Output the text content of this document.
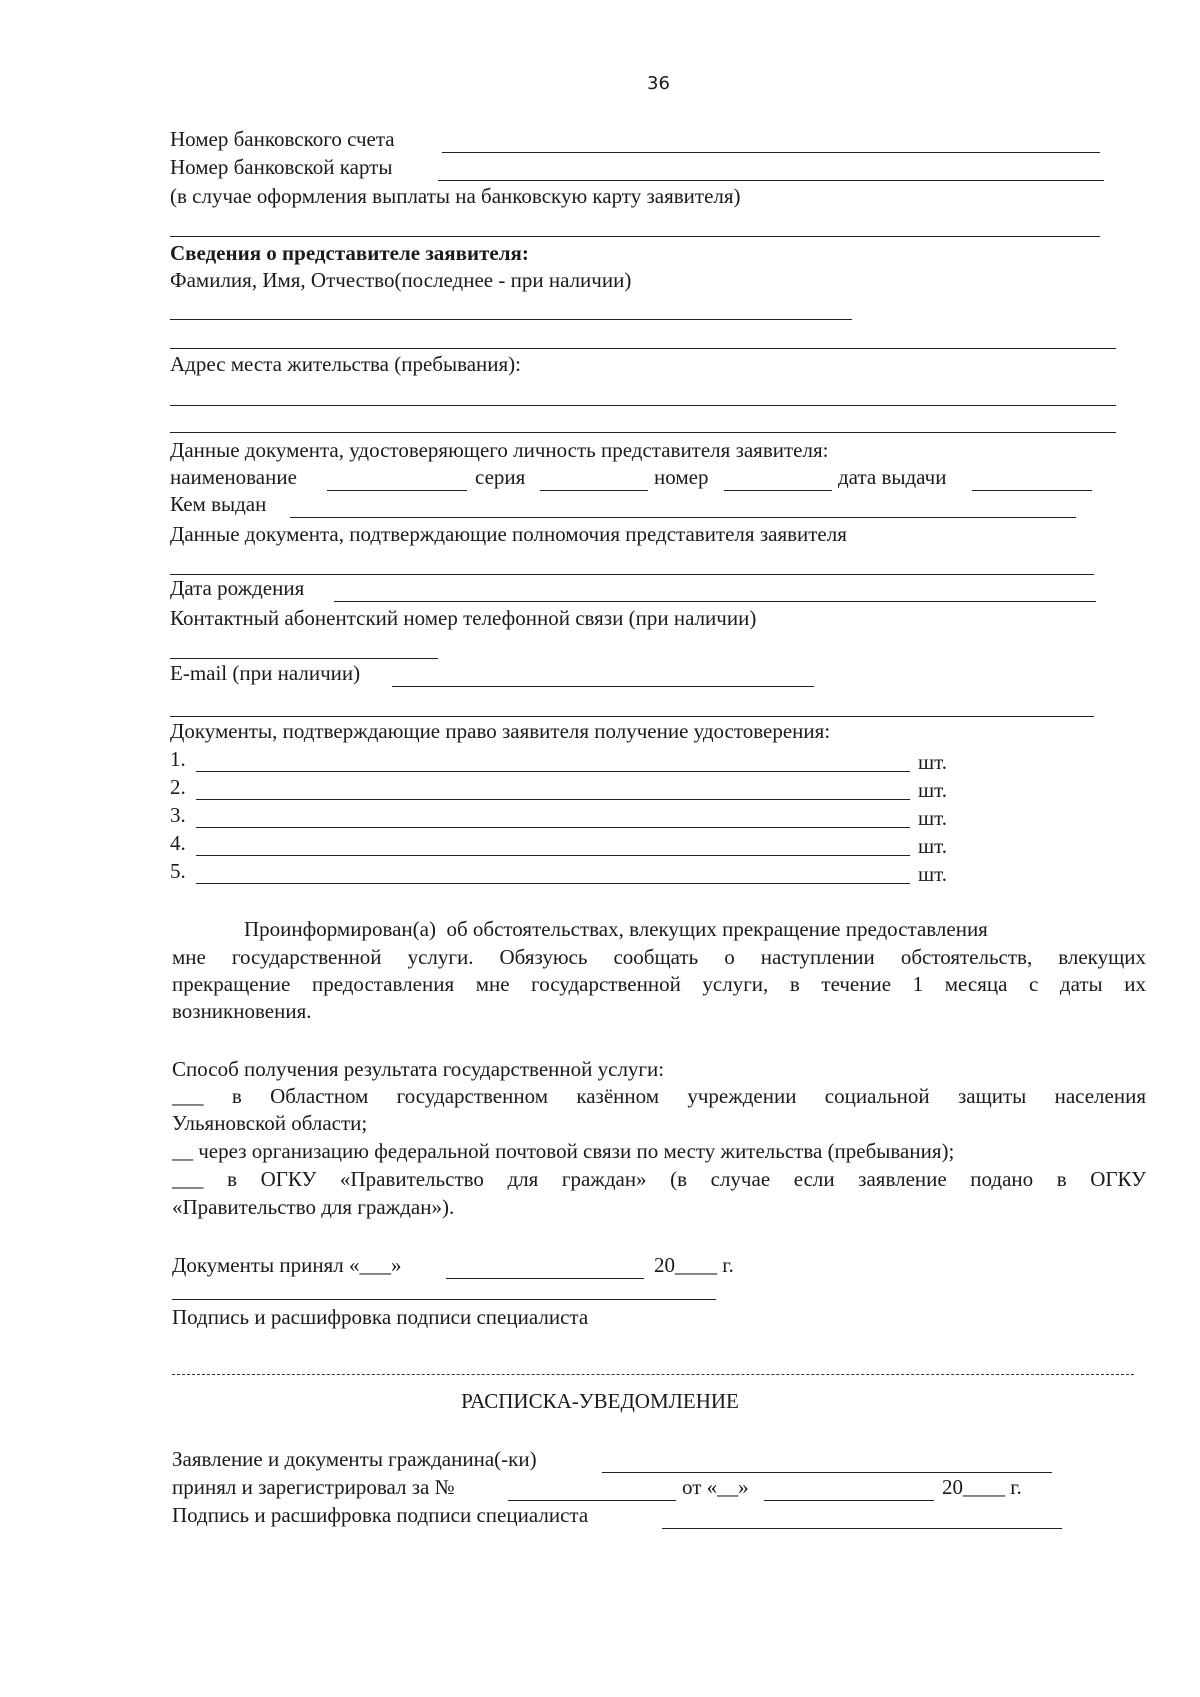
36
Номер банковского счета
Номер банковской карты
(в случае оформления выплаты на банковскую карту заявителя)
Сведения о представителе заявителя:
Фамилия, Имя, Отчество(последнее - при наличии)
Адрес места жительства (пребывания):
Данные документа, удостоверяющего личность представителя заявителя:
наименование	серия	номер	дата выдачи
Кем выдан
Данные документа, подтверждающие полномочия представителя заявителя
Дата рождения
Контактный абонентский номер телефонной связи (при наличии)
E-mail (при наличии)
Документы, подтверждающие право заявителя получение удостоверения:
1.	шт.
2.	шт.
3.	шт.
4.	шт.
5.	шт.
Проинформирован(а)  об обстоятельствах, влекущих прекращение предоставления
мне государственной услуги. Обязуюсь сообщать о наступлении обстоятельств, влекущих
прекращение предоставления мне государственной услуги, в течение 1 месяца с даты их
возникновения.
Способ получения результата государственной услуги:
___ в Областном государственном казённом учреждении социальной защиты населения
Ульяновской области;
__ через организацию федеральной почтовой связи по месту жительства (пребывания);
___ в ОГКУ «Правительство для граждан» (в случае если заявление подано в ОГКУ
«Правительство для граждан»).
Документы принял «___»	20____ г.
Подпись и расшифровка подписи специалиста
РАСПИСКА-УВЕДОМЛЕНИЕ
Заявление и документы гражданина(-ки)
принял и зарегистрировал за №	от «__»	20____ г.
Подпись и расшифровка подписи специалиста
